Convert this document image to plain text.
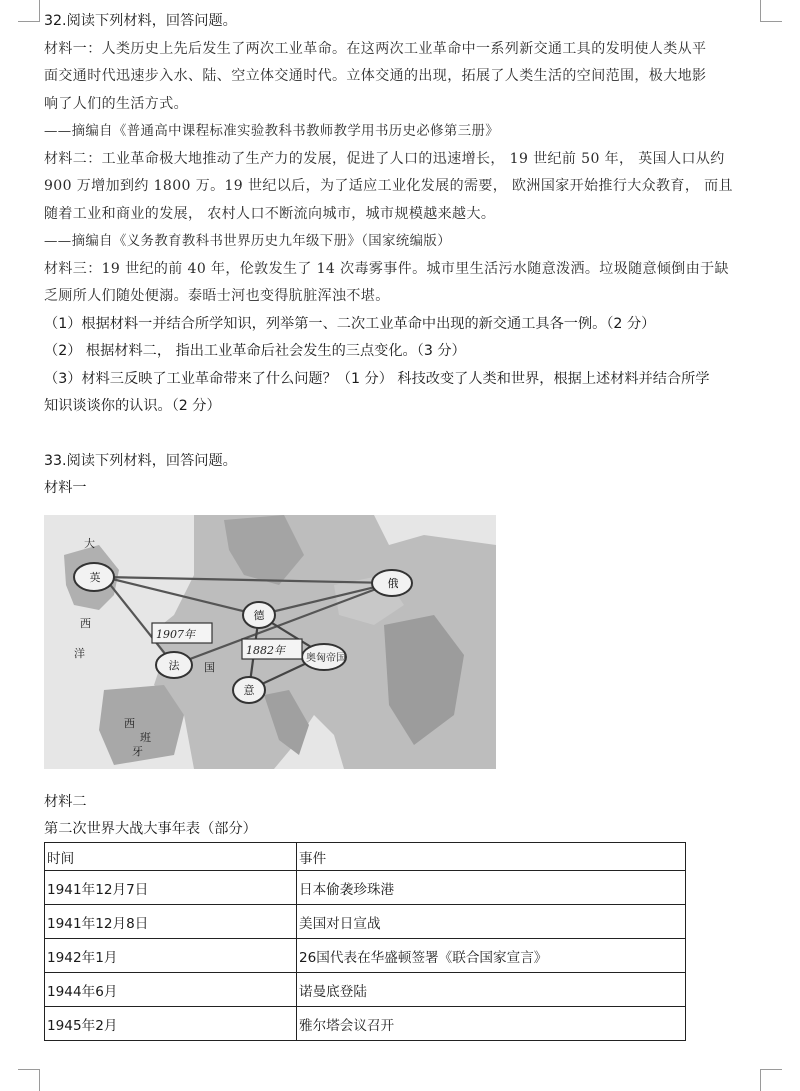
32.阅读下列材料，回答问题。
材料一：人类历史上先后发生了两次工业革命。在这两次工业革命中一系列新交通工具的发明使人类从平
面交通时代迅速步入水、陆、空立体交通时代。立体交通的出现，拓展了人类生活的空间范围，极大地影
响了人们的生活方式。
——摘编自《普通高中课程标准实验教科书教师教学用书历史必修第三册》
材料二：工业革命极大地推动了生产力的发展，促进了人口的迅速增长， 19 世纪前 50 年， 英国人口从约
900 万增加到约 1800 万。19 世纪以后，为了适应工业化发展的需要， 欧洲国家开始推行大众教育， 而且
随着工业和商业的发展， 农村人口不断流向城市，城市规模越来越大。
——摘编自《义务教育教科书世界历史九年级下册》（国家统编版）
材料三：19 世纪的前 40 年，伦敦发生了 14 次毒雾事件。城市里生活污水随意泼洒。垃圾随意倾倒由于缺
乏厕所人们随处便溺。泰晤士河也变得肮脏浑浊不堪。
（1）根据材料一并结合所学知识，列举第一、二次工业革命中出现的新交通工具各一例。（2 分）
（2） 根据材料二， 指出工业革命后社会发生的三点变化。（3 分）
（3）材料三反映了工业革命带来了什么问题？（1 分） 科技改变了人类和世界，根据上述材料并结合所学
知识谈谈你的认识。（2 分）
33.阅读下列材料，回答问题。
材料一
英	俄
德
法
奥匈帝国
意
1907年
1882年
大
西
洋
国
西
班
牙
材料二
第二次世界大战大事年表（部分）
时间	事件
1941年12月7日	日本偷袭珍珠港
1941年12月8日	美国对日宣战
1942年1月	26国代表在华盛顿签署《联合国家宣言》
1944年6月	诺曼底登陆
1945年2月	雅尔塔会议召开
